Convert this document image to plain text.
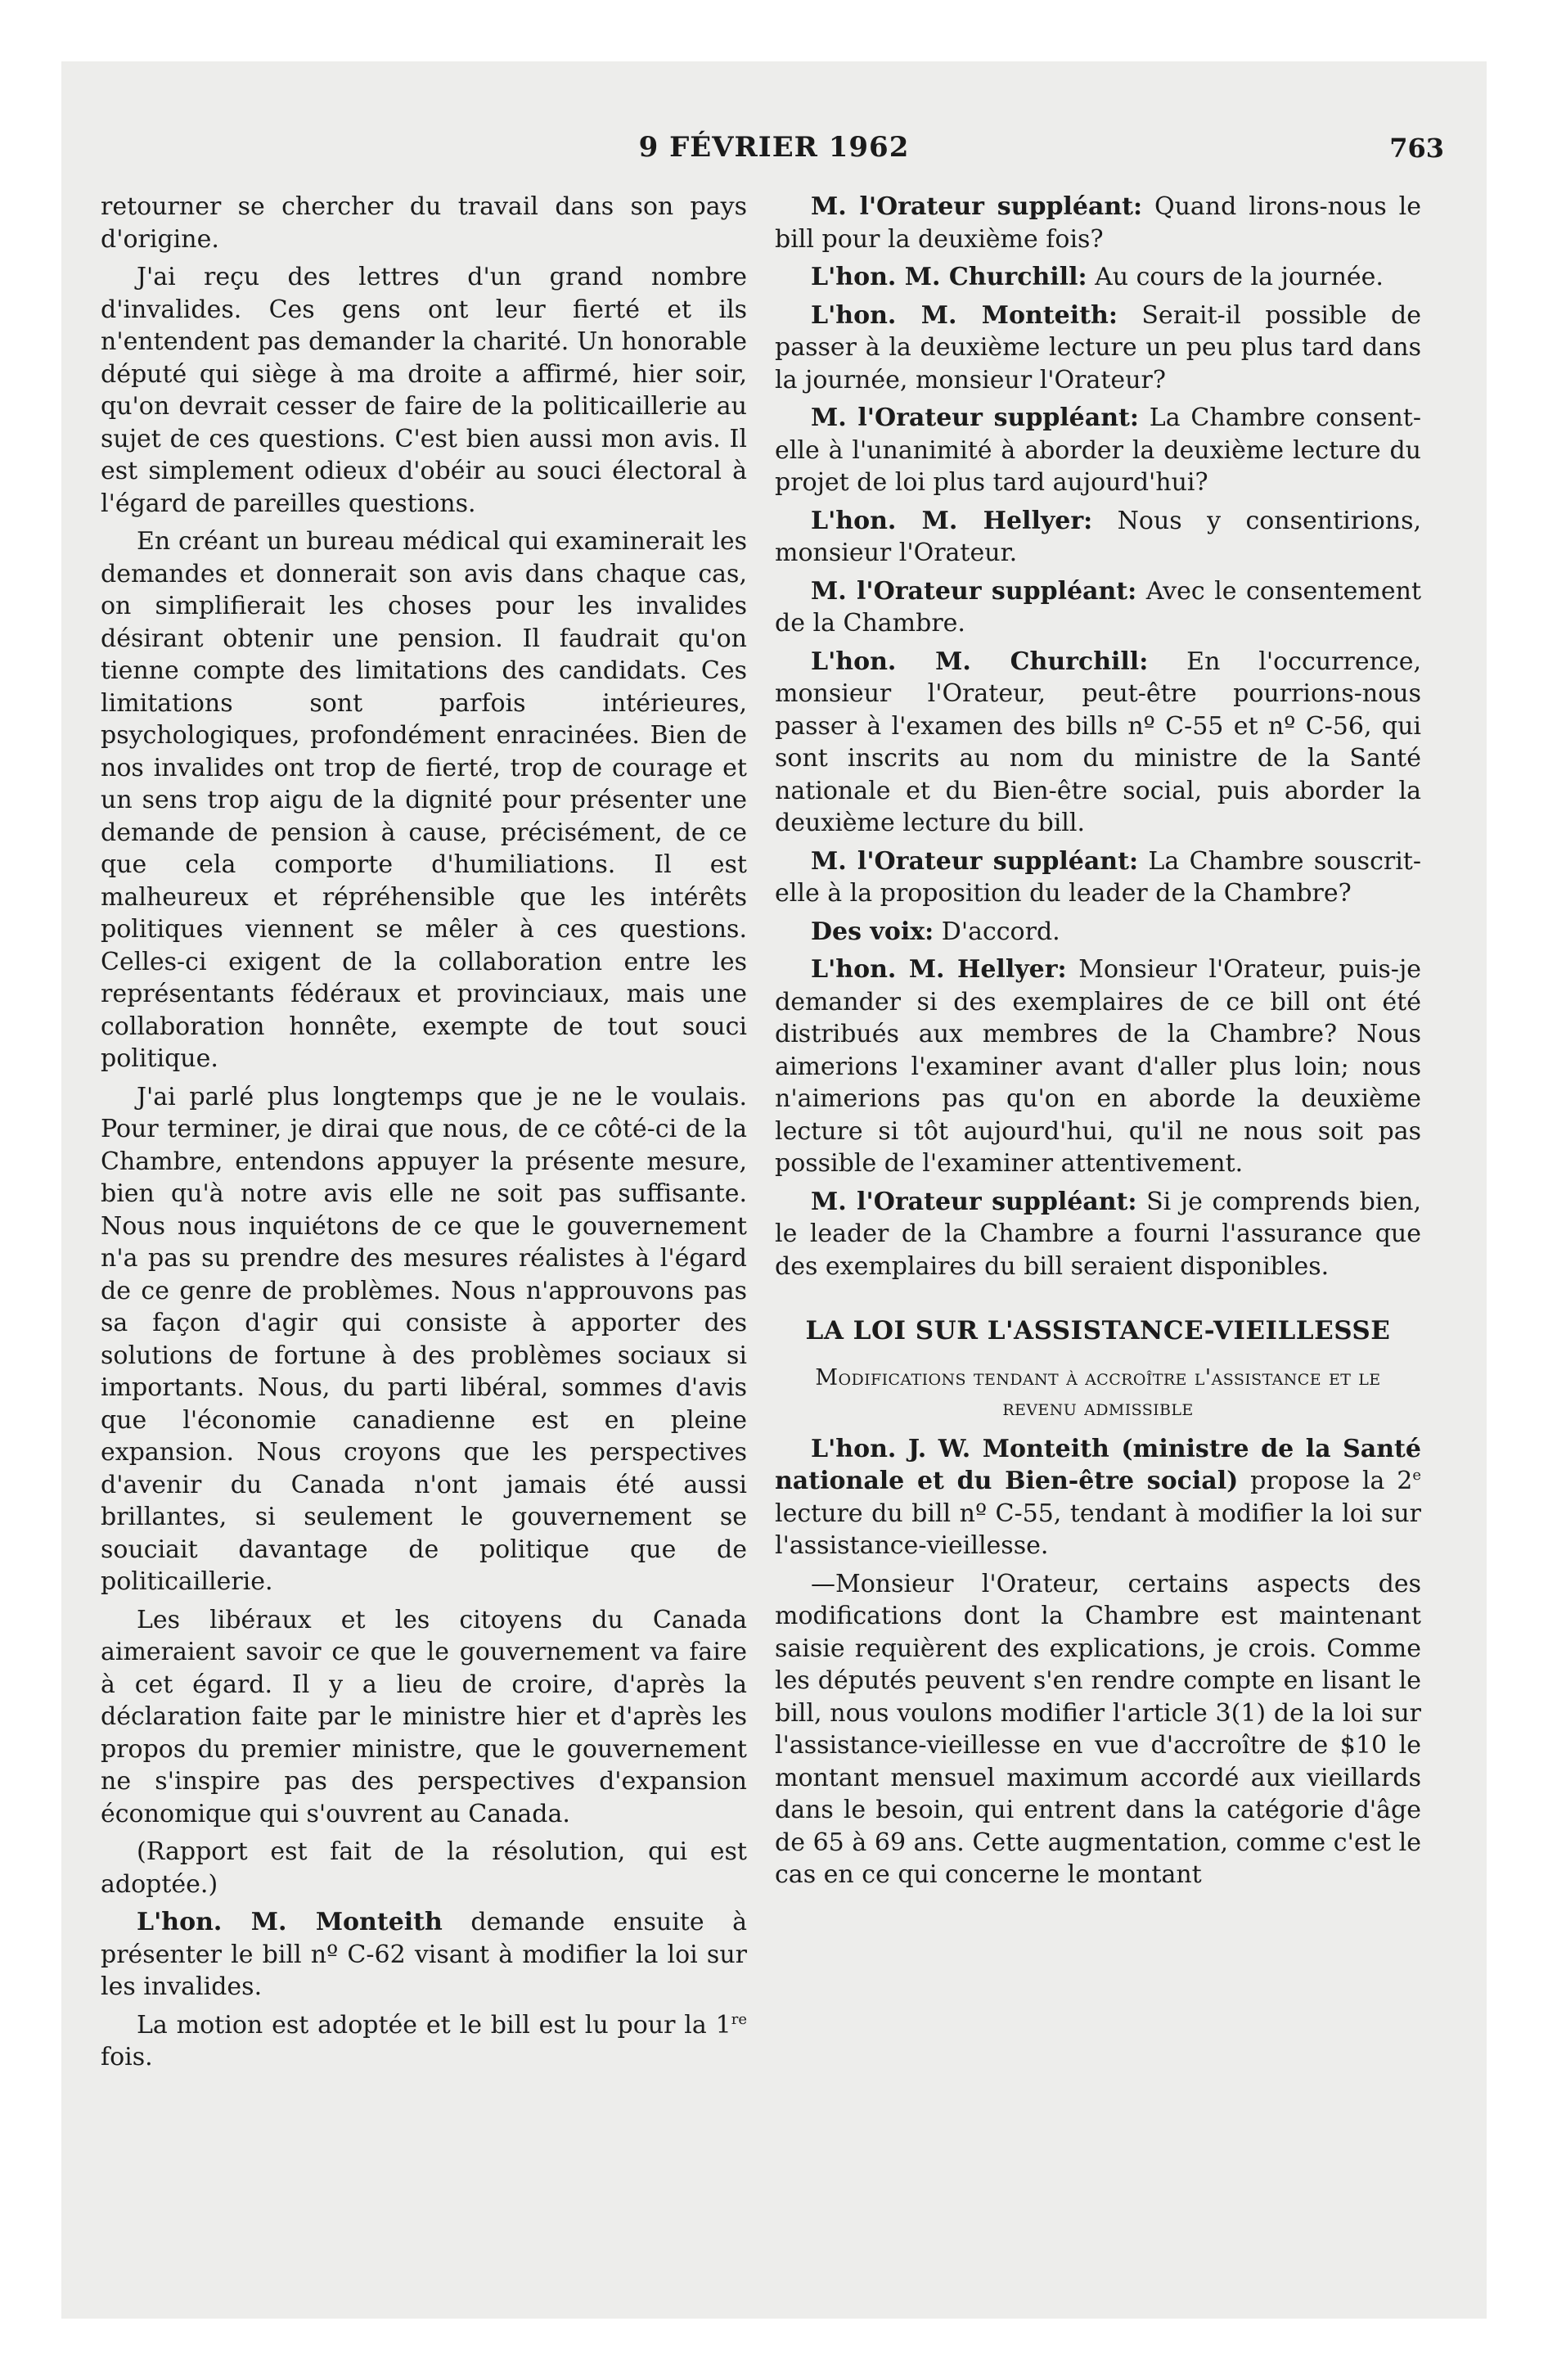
9 FÉVRIER 1962	763

retourner se chercher du travail dans son pays d'origine.

J'ai reçu des lettres d'un grand nombre d'invalides. Ces gens ont leur fierté et ils n'entendent pas demander la charité. Un honorable député qui siège à ma droite a affirmé, hier soir, qu'on devrait cesser de faire de la politicaillerie au sujet de ces questions. C'est bien aussi mon avis. Il est simplement odieux d'obéir au souci électoral à l'égard de pareilles questions.

En créant un bureau médical qui examinerait les demandes et donnerait son avis dans chaque cas, on simplifierait les choses pour les invalides désirant obtenir une pension. Il faudrait qu'on tienne compte des limitations des candidats. Ces limitations sont parfois intérieures, psychologiques, profondément enracinées. Bien de nos invalides ont trop de fierté, trop de courage et un sens trop aigu de la dignité pour présenter une demande de pension à cause, précisément, de ce que cela comporte d'humiliations. Il est malheureux et répréhensible que les intérêts politiques viennent se mêler à ces questions. Celles-ci exigent de la collaboration entre les représentants fédéraux et provinciaux, mais une collaboration honnête, exempte de tout souci politique.

J'ai parlé plus longtemps que je ne le voulais. Pour terminer, je dirai que nous, de ce côté-ci de la Chambre, entendons appuyer la présente mesure, bien qu'à notre avis elle ne soit pas suffisante. Nous nous inquiétons de ce que le gouvernement n'a pas su prendre des mesures réalistes à l'égard de ce genre de problèmes. Nous n'approuvons pas sa façon d'agir qui consiste à apporter des solutions de fortune à des problèmes sociaux si importants. Nous, du parti libéral, sommes d'avis que l'économie canadienne est en pleine expansion. Nous croyons que les perspectives d'avenir du Canada n'ont jamais été aussi brillantes, si seulement le gouvernement se souciait davantage de politique que de politicaillerie.

Les libéraux et les citoyens du Canada aimeraient savoir ce que le gouvernement va faire à cet égard. Il y a lieu de croire, d'après la déclaration faite par le ministre hier et d'après les propos du premier ministre, que le gouvernement ne s'inspire pas des perspectives d'expansion économique qui s'ouvrent au Canada.

(Rapport est fait de la résolution, qui est adoptée.)

L'hon. M. Monteith demande ensuite à présenter le bill nº C-62 visant à modifier la loi sur les invalides.

La motion est adoptée et le bill est lu pour la 1re fois.

M. l'Orateur suppléant: Quand lirons-nous le bill pour la deuxième fois?

L'hon. M. Churchill: Au cours de la journée.

L'hon. M. Monteith: Serait-il possible de passer à la deuxième lecture un peu plus tard dans la journée, monsieur l'Orateur?

M. l'Orateur suppléant: La Chambre consent-elle à l'unanimité à aborder la deuxième lecture du projet de loi plus tard aujourd'hui?

L'hon. M. Hellyer: Nous y consentirions, monsieur l'Orateur.

M. l'Orateur suppléant: Avec le consentement de la Chambre.

L'hon. M. Churchill: En l'occurrence, monsieur l'Orateur, peut-être pourrions-nous passer à l'examen des bills nº C-55 et nº C-56, qui sont inscrits au nom du ministre de la Santé nationale et du Bien-être social, puis aborder la deuxième lecture du bill.

M. l'Orateur suppléant: La Chambre souscrit-elle à la proposition du leader de la Chambre?

Des voix: D'accord.

L'hon. M. Hellyer: Monsieur l'Orateur, puis-je demander si des exemplaires de ce bill ont été distribués aux membres de la Chambre? Nous aimerions l'examiner avant d'aller plus loin; nous n'aimerions pas qu'on en aborde la deuxième lecture si tôt aujourd'hui, qu'il ne nous soit pas possible de l'examiner attentivement.

M. l'Orateur suppléant: Si je comprends bien, le leader de la Chambre a fourni l'assurance que des exemplaires du bill seraient disponibles.

LA LOI SUR L'ASSISTANCE-VIEILLESSE

Modifications tendant à accroître l'assistance et le revenu admissible

L'hon. J. W. Monteith (ministre de la Santé nationale et du Bien-être social) propose la 2e lecture du bill nº C-55, tendant à modifier la loi sur l'assistance-vieillesse.

—Monsieur l'Orateur, certains aspects des modifications dont la Chambre est maintenant saisie requièrent des explications, je crois. Comme les députés peuvent s'en rendre compte en lisant le bill, nous voulons modifier l'article 3(1) de la loi sur l'assistance-vieillesse en vue d'accroître de $10 le montant mensuel maximum accordé aux vieillards dans le besoin, qui entrent dans la catégorie d'âge de 65 à 69 ans. Cette augmentation, comme c'est le cas en ce qui concerne le montant
